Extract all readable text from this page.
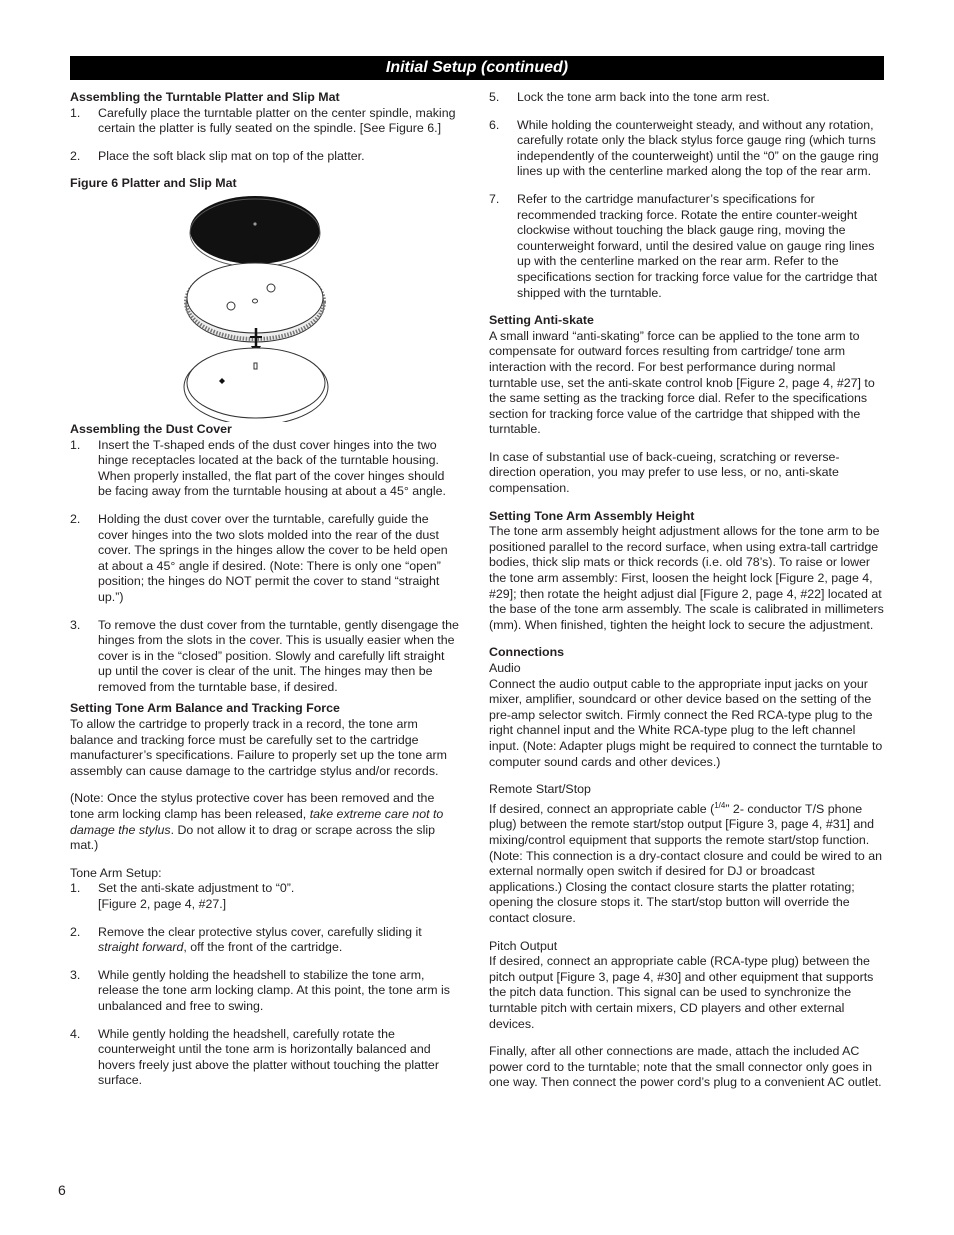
Initial Setup (continued)
Assembling the Turntable Platter and Slip Mat
1. Carefully place the turntable platter on the center spindle, making certain the platter is fully seated on the spindle. [See Figure 6.]

2. Place the soft black slip mat on top of the platter.

Figure 6 Platter and Slip Mat
Assembling the Dust Cover
1. Insert the T-shaped ends of the dust cover hinges into the two hinge receptacles located at the back of the turntable housing. When properly installed, the flat part of the cover hinges should be facing away from the turntable housing at about a 45° angle.

2. Holding the dust cover over the turntable, carefully guide the cover hinges into the two slots molded into the rear of the dust cover. The springs in the hinges allow the cover to be held open at about a 45° angle if desired. (Note: There is only one “open” position; the hinges do NOT permit the cover to stand “straight up.”)

3. To remove the dust cover from the turntable, gently disengage the hinges from the slots in the cover. This is usually easier when the cover is in the “closed” position. Slowly and carefully lift straight up until the cover is clear of the unit. The hinges may then be removed from the turntable base, if desired.

Setting Tone Arm Balance and Tracking Force

To allow the cartridge to properly track in a record, the tone arm balance and tracking force must be carefully set to the cartridge manufacturer’s specifications. Failure to properly set up the tone arm assembly can cause damage to the cartridge stylus and/or records.

(Note: Once the stylus protective cover has been removed and the tone arm locking clamp has been released, take extreme care not to damage the stylus. Do not allow it to drag or scrape across the slip mat.)

Tone Arm Setup:

1. Set the anti-skate adjustment to “0”.

[Figure 2, page 4, #27.]

2. Remove the clear protective stylus cover, carefully sliding it straight forward, off the front of the cartridge.

3. While gently holding the headshell to stabilize the tone arm, release the tone arm locking clamp. At this point, the tone arm is unbalanced and free to swing.

4. While gently holding the headshell, carefully rotate the counterweight until the tone arm is horizontally balanced and hovers freely just above the platter without touching the platter surface.

5. Lock the tone arm back into the tone arm rest.

6. While holding the counterweight steady, and without any rotation, carefully rotate only the black stylus force gauge ring (which turns independently of the counterweight) until the “0” on the gauge ring lines up with the centerline marked along the top of the rear arm.

7. Refer to the cartridge manufacturer’s specifications for recommended tracking force. Rotate the entire counter-weight clockwise without touching the black gauge ring, moving the counterweight forward, until the desired value on gauge ring lines up with the centerline marked on the rear arm. Refer to the specifications section for tracking force value for the cartridge that shipped with the turntable.

Setting Anti-skate

A small inward “anti-skating” force can be applied to the tone arm to compensate for outward forces resulting from cartridge/ tone arm interaction with the record. For best performance during normal turntable use, set the anti-skate control knob [Figure 2, page 4, #27] to the same setting as the tracking force dial. Refer to the specifications section for tracking force value of the cartridge that shipped with the turntable.

In case of substantial use of back-cueing, scratching or reverse-direction operation, you may prefer to use less, or no, anti-skate compensation.

Setting Tone Arm Assembly Height

The tone arm assembly height adjustment allows for the tone arm to be positioned parallel to the record surface, when using extra-tall cartridge bodies, thick slip mats or thick records (i.e. old 78’s). To raise or lower the tone arm assembly: First, loosen the height lock [Figure 2, page 4, #29]; then rotate the height adjust dial [Figure 2, page 4, #22] located at the base of the tone arm assembly. The scale is calibrated in millimeters (mm). When finished, tighten the height lock to secure the adjustment.

Connections

Audio

Connect the audio output cable to the appropriate input jacks on your mixer, amplifier, soundcard or other device based on the setting of the pre-amp selector switch. Firmly connect the Red RCA-type plug to the right channel input and the White RCA-type plug to the left channel input. (Note: Adapter plugs might be required to connect the turntable to computer sound cards and other devices.)

Remote Start/Stop

If desired, connect an appropriate cable ($^{1/4}$” 2- conductor T/S phone plug) between the remote start/stop output [Figure 3, page 4, #31] and mixing/control equipment that supports the remote start/stop function. (Note: This connection is a dry-contact closure and could be wired to an external normally open switch if desired for DJ or broadcast applications.) Closing the contact closure starts the platter rotating; opening the closure stops it. The start/stop button will override the contact closure.

Pitch Output

If desired, connect an appropriate cable (RCA-type plug) between the pitch output [Figure 3, page 4, #30] and other equipment that supports the pitch data function. This signal can be used to synchronize the turntable pitch with certain mixers, CD players and other external devices.

Finally, after all other connections are made, attach the included AC power cord to the turntable; note that the small connector only goes in one way. Then connect the power cord’s plug to a convenient AC outlet.

6
